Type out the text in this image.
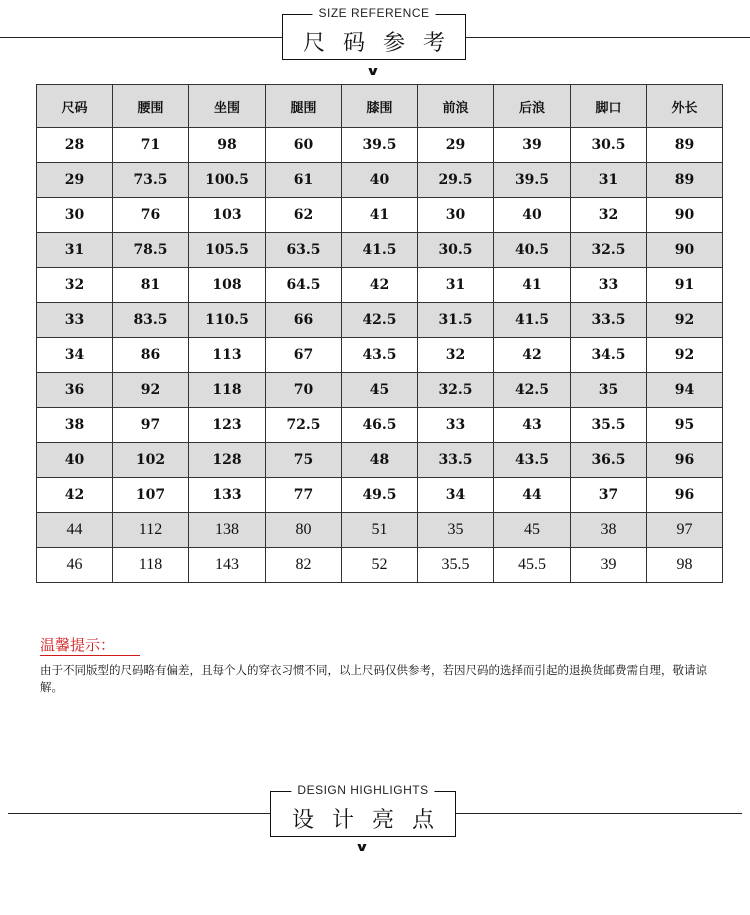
SIZE REFERENCE
尺码参考
∨
尺码	腰围	坐围	腿围	膝围	前浪	后浪	脚口	外长
28	71	98	60	39.5	29	39	30.5	89
29	73.5	100.5	61	40	29.5	39.5	31	89
30	76	103	62	41	30	40	32	90
31	78.5	105.5	63.5	41.5	30.5	40.5	32.5	90
32	81	108	64.5	42	31	41	33	91
33	83.5	110.5	66	42.5	31.5	41.5	33.5	92
34	86	113	67	43.5	32	42	34.5	92
36	92	118	70	45	32.5	42.5	35	94
38	97	123	72.5	46.5	33	43	35.5	95
40	102	128	75	48	33.5	43.5	36.5	96
42	107	133	77	49.5	34	44	37	96
44	112	138	80	51	35	45	38	97
46	118	143	82	52	35.5	45.5	39	98
温馨提示：
由于不同版型的尺码略有偏差，且每个人的穿衣习惯不同，以上尺码仅供参考，若因尺码的选择而引起的退换货邮费需自理，敬请谅解。
DESIGN HIGHLIGHTS
设计亮点
∨
